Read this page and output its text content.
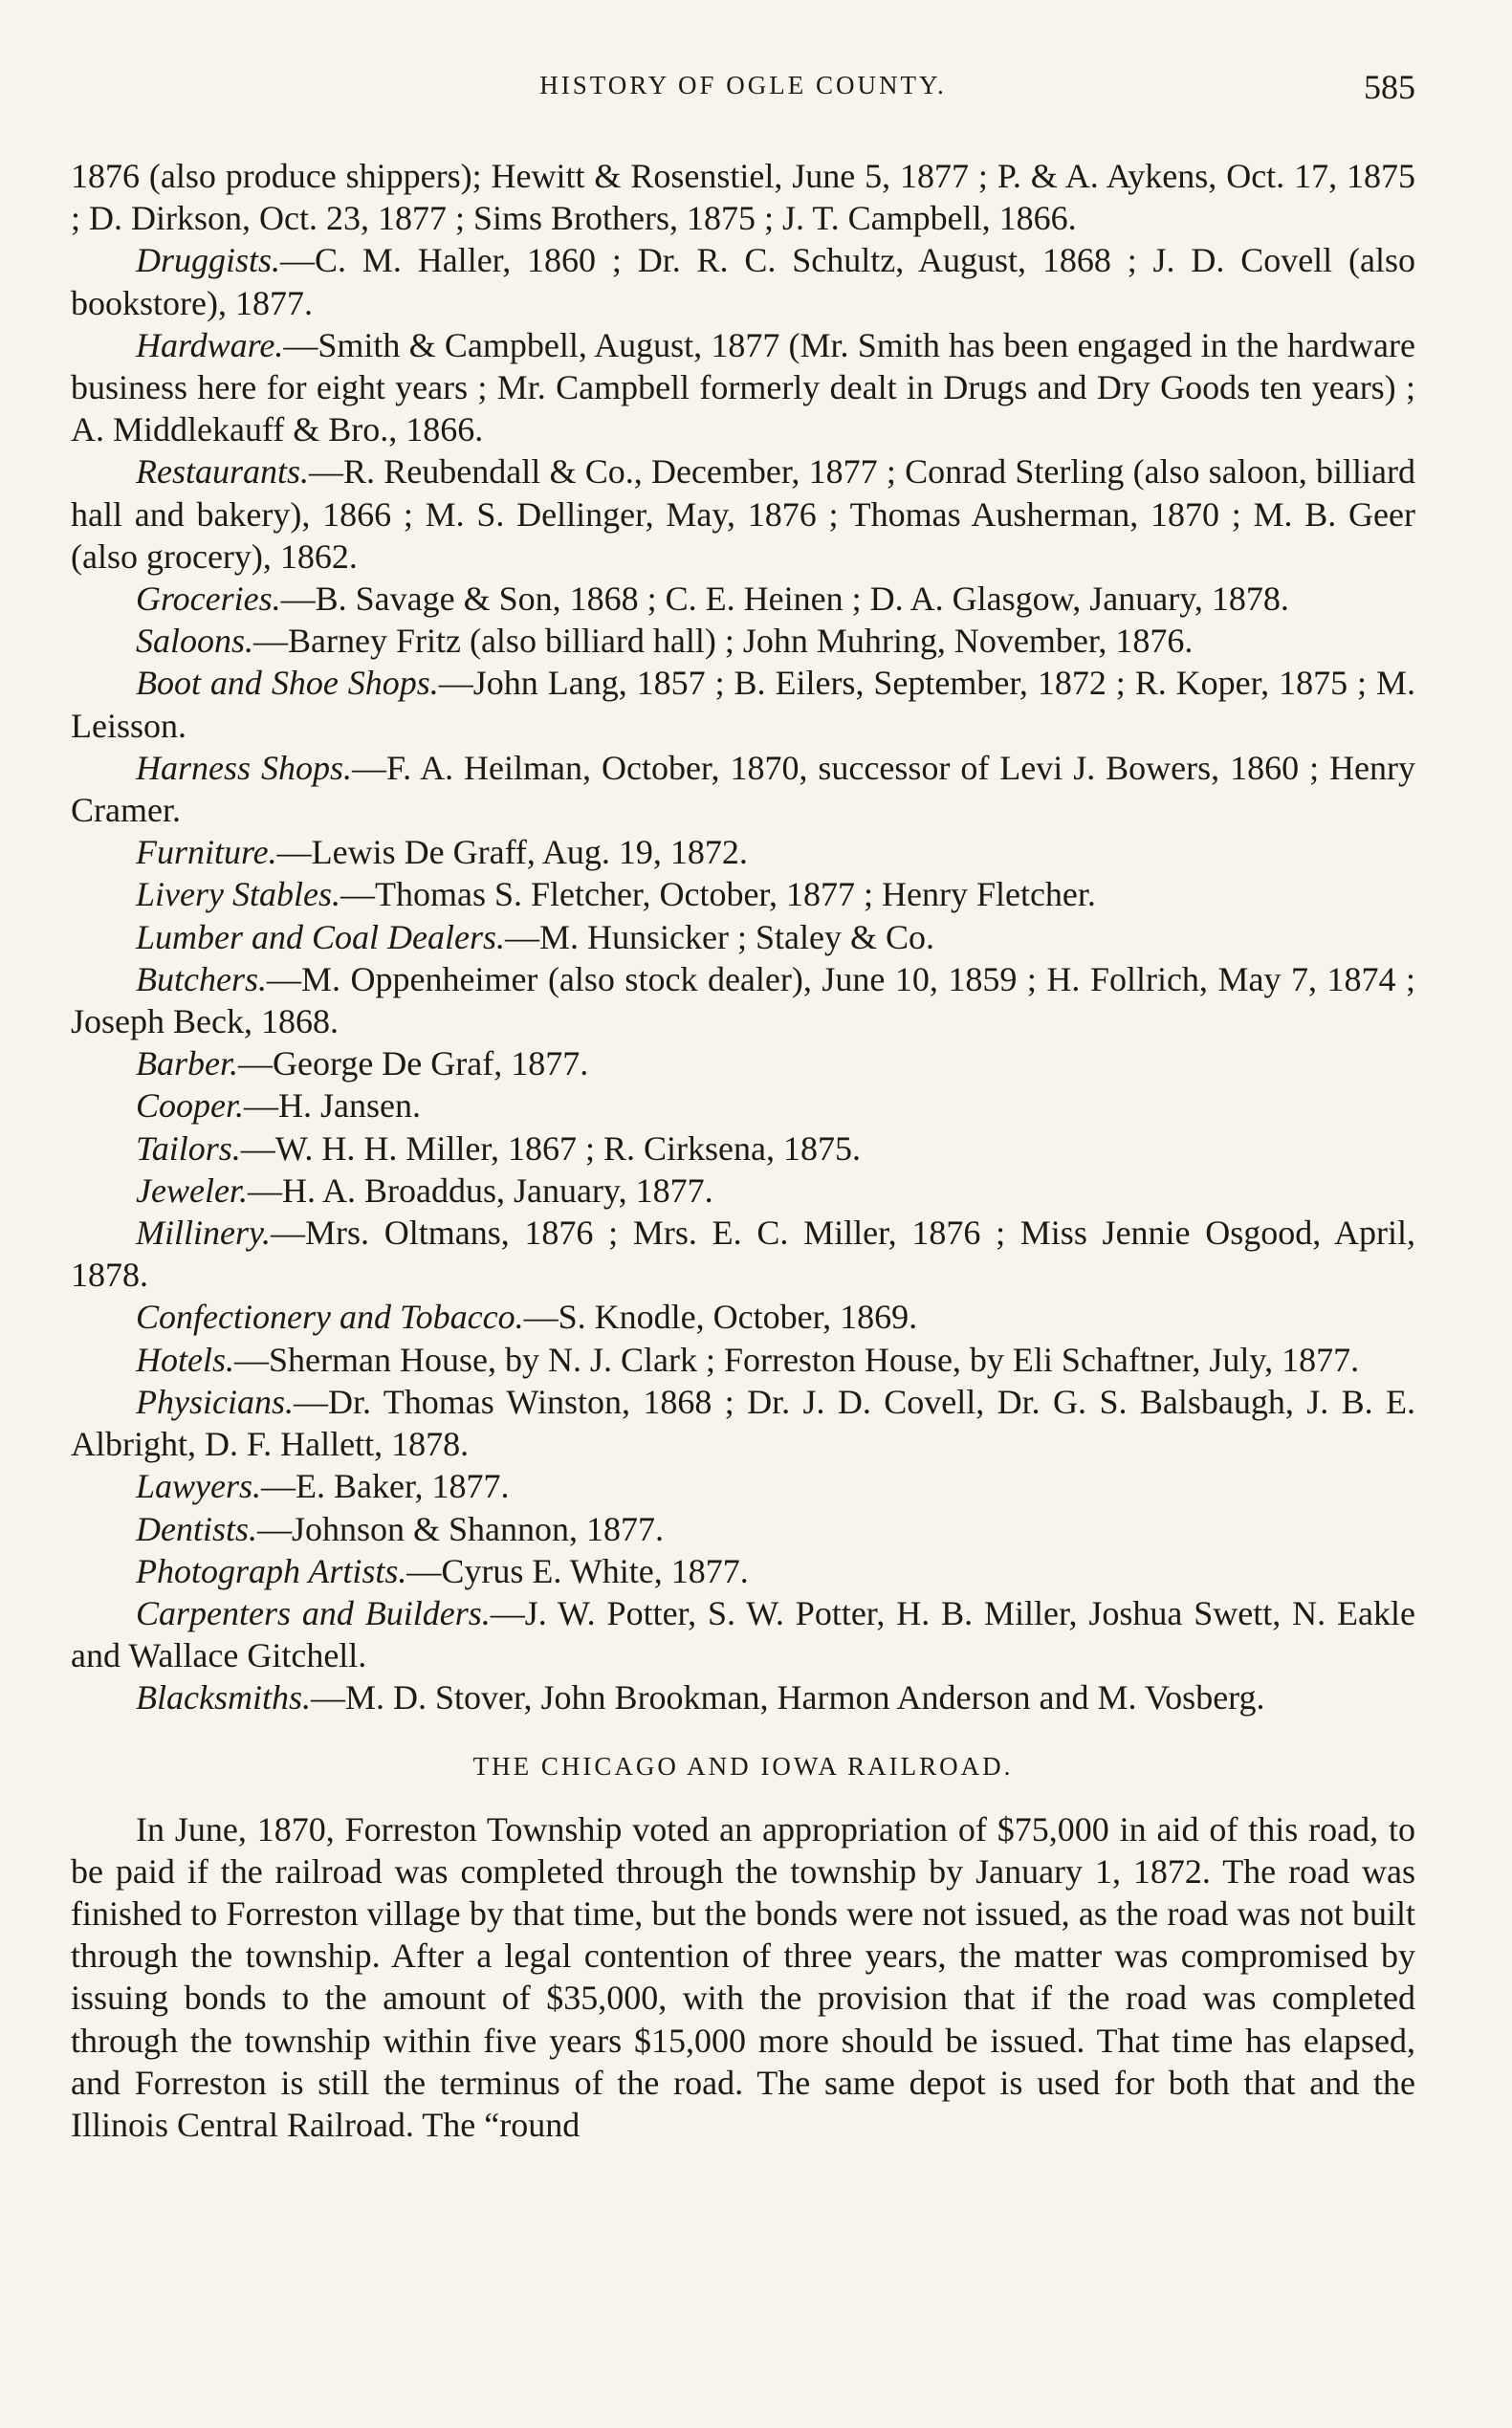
HISTORY OF OGLE COUNTY.	585

1876 (also produce shippers); Hewitt & Rosenstiel, June 5, 1877 ; P. & A. Aykens, Oct. 17, 1875 ; D. Dirkson, Oct. 23, 1877 ; Sims Brothers, 1875 ; J. T. Campbell, 1866.

Druggists.—C. M. Haller, 1860 ; Dr. R. C. Schultz, August, 1868 ; J. D. Covell (also bookstore), 1877.

Hardware.—Smith & Campbell, August, 1877 (Mr. Smith has been engaged in the hardware business here for eight years ; Mr. Campbell formerly dealt in Drugs and Dry Goods ten years) ; A. Middlekauff & Bro., 1866.

Restaurants.—R. Reubendall & Co., December, 1877 ; Conrad Sterling (also saloon, billiard hall and bakery), 1866 ; M. S. Dellinger, May, 1876 ; Thomas Ausherman, 1870 ; M. B. Geer (also grocery), 1862.

Groceries.—B. Savage & Son, 1868 ; C. E. Heinen ; D. A. Glasgow, January, 1878.

Saloons.—Barney Fritz (also billiard hall) ; John Muhring, November, 1876.

Boot and Shoe Shops.—John Lang, 1857 ; B. Eilers, September, 1872 ; R. Koper, 1875 ; M. Leisson.

Harness Shops.—F. A. Heilman, October, 1870, successor of Levi J. Bowers, 1860 ; Henry Cramer.

Furniture.—Lewis De Graff, Aug. 19, 1872.

Livery Stables.—Thomas S. Fletcher, October, 1877 ; Henry Fletcher.

Lumber and Coal Dealers.—M. Hunsicker ; Staley & Co.

Butchers.—M. Oppenheimer (also stock dealer), June 10, 1859 ; H. Follrich, May 7, 1874 ; Joseph Beck, 1868.

Barber.—George De Graf, 1877.

Cooper.—H. Jansen.

Tailors.—W. H. H. Miller, 1867 ; R. Cirksena, 1875.

Jeweler.—H. A. Broaddus, January, 1877.

Millinery.—Mrs. Oltmans, 1876 ; Mrs. E. C. Miller, 1876 ; Miss Jennie Osgood, April, 1878.

Confectionery and Tobacco.—S. Knodle, October, 1869.

Hotels.—Sherman House, by N. J. Clark ; Forreston House, by Eli Schaftner, July, 1877.

Physicians.—Dr. Thomas Winston, 1868 ; Dr. J. D. Covell, Dr. G. S. Balsbaugh, J. B. E. Albright, D. F. Hallett, 1878.

Lawyers.—E. Baker, 1877.

Dentists.—Johnson & Shannon, 1877.

Photograph Artists.—Cyrus E. White, 1877.

Carpenters and Builders.—J. W. Potter, S. W. Potter, H. B. Miller, Joshua Swett, N. Eakle and Wallace Gitchell.

Blacksmiths.—M. D. Stover, John Brookman, Harmon Anderson and M. Vosberg.

THE CHICAGO AND IOWA RAILROAD.

In June, 1870, Forreston Township voted an appropriation of $75,000 in aid of this road, to be paid if the railroad was completed through the township by January 1, 1872. The road was finished to Forreston village by that time, but the bonds were not issued, as the road was not built through the township. After a legal contention of three years, the matter was compromised by issuing bonds to the amount of $35,000, with the provision that if the road was completed through the township within five years $15,000 more should be issued. That time has elapsed, and Forreston is still the terminus of the road. The same depot is used for both that and the Illinois Central Railroad. The “round
